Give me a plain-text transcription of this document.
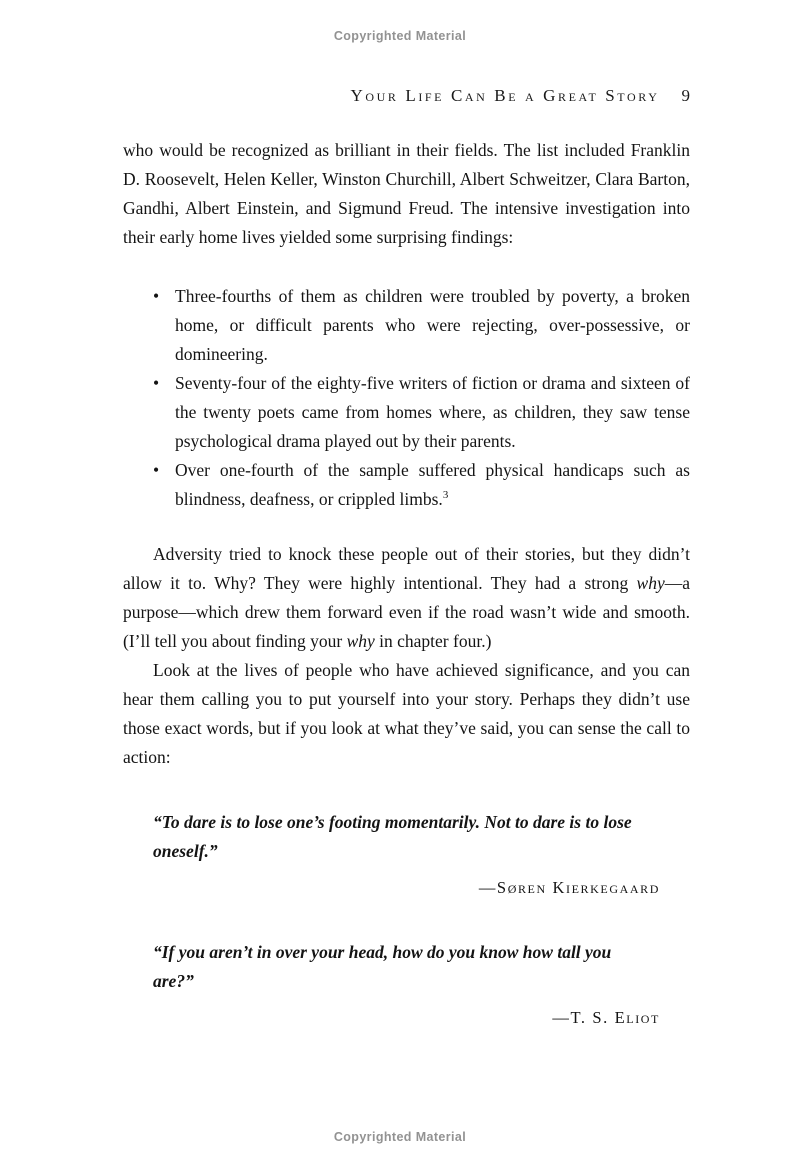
Copyrighted Material
Your Life Can Be a Great Story 9

who would be recognized as brilliant in their fields. The list included Franklin D. Roosevelt, Helen Keller, Winston Churchill, Albert Schweitzer, Clara Barton, Gandhi, Albert Einstein, and Sigmund Freud. The intensive investigation into their early home lives yielded some surprising findings:

• Three-fourths of them as children were troubled by poverty, a broken home, or difficult parents who were rejecting, over-possessive, or domineering.
• Seventy-four of the eighty-five writers of fiction or drama and sixteen of the twenty poets came from homes where, as children, they saw tense psychological drama played out by their parents.
• Over one-fourth of the sample suffered physical handicaps such as blindness, deafness, or crippled limbs.$^3$

Adversity tried to knock these people out of their stories, but they didn’t allow it to. Why? They were highly intentional. They had a strong why—a purpose—which drew them forward even if the road wasn’t wide and smooth. (I’ll tell you about finding your why in chapter four.)

Look at the lives of people who have achieved significance, and you can hear them calling you to put yourself into your story. Perhaps they didn’t use those exact words, but if you look at what they’ve said, you can sense the call to action:

“To dare is to lose one’s footing momentarily. Not to dare is to lose oneself.”

—Søren Kierkegaard

“If you aren’t in over your head, how do you know how tall you are?”

—T. S. Eliot

Copyrighted Material
